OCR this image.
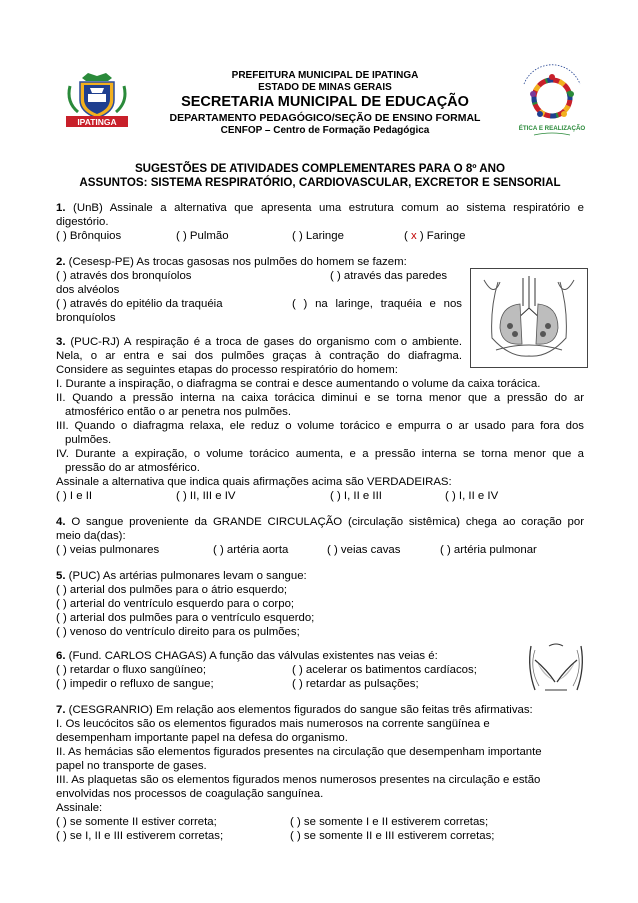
IPATINGA
PREFEITURA MUNICIPAL DE IPATINGA
ESTADO DE MINAS GERAIS
SECRETARIA MUNICIPAL DE EDUCAÇÃO
DEPARTAMENTO PEDAGÓGICO/SEÇÃO DE ENSINO FORMAL
CENFOP – Centro de Formação Pedagógica	ÉTICA E REALIZAÇÃO
SUGESTÕES DE ATIVIDADES COMPLEMENTARES PARA O 8º ANO
ASSUNTOS: SISTEMA RESPIRATÓRIO, CARDIOVASCULAR, EXCRETOR E SENSORIAL
1. (UnB) Assinale a alternativa que apresenta uma estrutura comum ao sistema respiratório e
digestório.
( ) Brônquios	( ) Pulmão	( ) Laringe	( x ) Faringe
2. (Cesesp-PE) As trocas gasosas nos pulmões do homem se fazem:
( ) através dos bronquíolos	( ) através das paredes
dos alvéolos
( ) através do epitélio da traquéia	( ) na laringe, traquéia e nos
bronquíolos
3. (PUC-RJ) A respiração é a troca de gases do organismo com o ambiente.
Nela, o ar entra e sai dos pulmões graças à contração do diafragma.
Considere as seguintes etapas do processo respiratório do homem:
I. Durante a inspiração, o diafragma se contrai e desce aumentando o volume da caixa torácica.
II. Quando a pressão interna na caixa torácica diminui e se torna menor que a pressão do ar
atmosférico então o ar penetra nos pulmões.
III. Quando o diafragma relaxa, ele reduz o volume torácico e empurra o ar usado para fora dos
pulmões.
IV. Durante a expiração, o volume torácico aumenta, e a pressão interna se torna menor que a
pressão do ar atmosférico.
Assinale a alternativa que indica quais afirmações acima são VERDADEIRAS:
( ) I e II	( ) II, III e IV	( ) I, II e III	( ) I, II e IV
4. O sangue proveniente da GRANDE CIRCULAÇÃO (circulação sistêmica) chega ao coração por
meio da(das):
( ) veias pulmonares	( ) artéria aorta	( ) veias cavas	( ) artéria pulmonar
5. (PUC) As artérias pulmonares levam o sangue:
( ) arterial dos pulmões para o átrio esquerdo;
( ) arterial do ventrículo esquerdo para o corpo;
( ) arterial dos pulmões para o ventrículo esquerdo;
( ) venoso do ventrículo direito para os pulmões;
6. (Fund. CARLOS CHAGAS) A função das válvulas existentes nas veias é:
( ) retardar o fluxo sangüíneo;	( ) acelerar os batimentos cardíacos;
( ) impedir o refluxo de sangue;	( ) retardar as pulsações;
7. (CESGRANRIO) Em relação aos elementos figurados do sangue são feitas três afirmativas:
I. Os leucócitos são os elementos figurados mais numerosos na corrente sangüínea e
desempenham importante papel na defesa do organismo.
II. As hemácias são elementos figurados presentes na circulação que desempenham importante
papel no transporte de gases.
III. As plaquetas são os elementos figurados menos numerosos presentes na circulação e estão
envolvidas nos processos de coagulação sanguínea.
Assinale:
( ) se somente II estiver correta;	( ) se somente I e II estiverem corretas;
( ) se I, II e III estiverem corretas;	( ) se somente II e III estiverem corretas;
